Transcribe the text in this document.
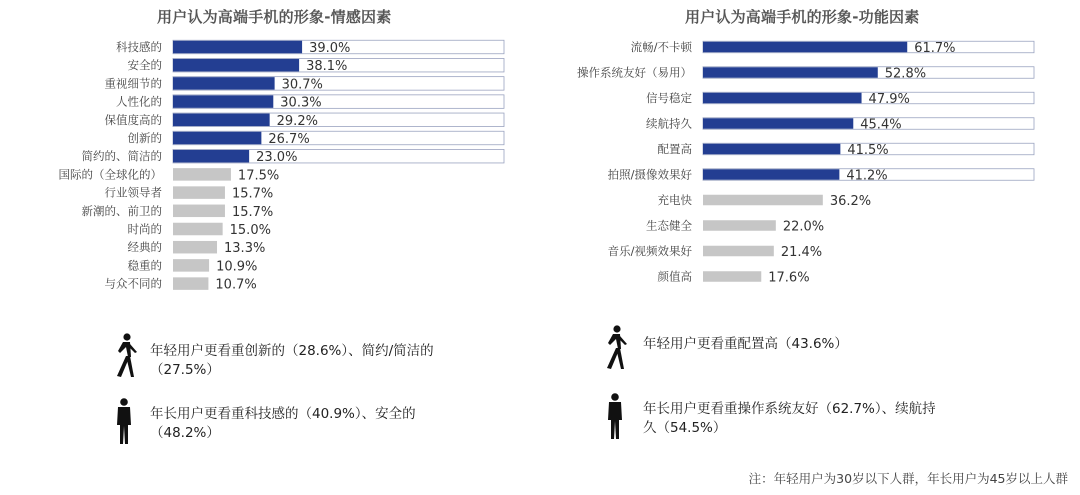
用户认为高端手机的形象-情感因素
科技感的	39.0%
安全的	38.1%
重视细节的	30.7%
人性化的	30.3%
保值度高的	29.2%
创新的	26.7%
简约的、简洁的	23.0%
国际的（全球化的）	17.5%
行业领导者	15.7%
新潮的、前卫的	15.7%
时尚的	15.0%
经典的	13.3%
稳重的	10.9%
与众不同的	10.7%
用户认为高端手机的形象-功能因素
流畅/不卡顿	61.7%
操作系统友好（易用）	52.8%
信号稳定	47.9%
续航持久	45.4%
配置高	41.5%
拍照/摄像效果好	41.2%
充电快	36.2%
生态健全	22.0%
音乐/视频效果好	21.4%
颜值高	17.6%
年轻用户更看重创新的（28.6%）、简约/简洁的（27.5%）
年长用户更看重科技感的（40.9%）、安全的（48.2%）
年轻用户更看重配置高（43.6%）
年长用户更看重操作系统友好（62.7%）、续航持久（54.5%）
注：年轻用户为30岁以下人群，年长用户为45岁以上人群
